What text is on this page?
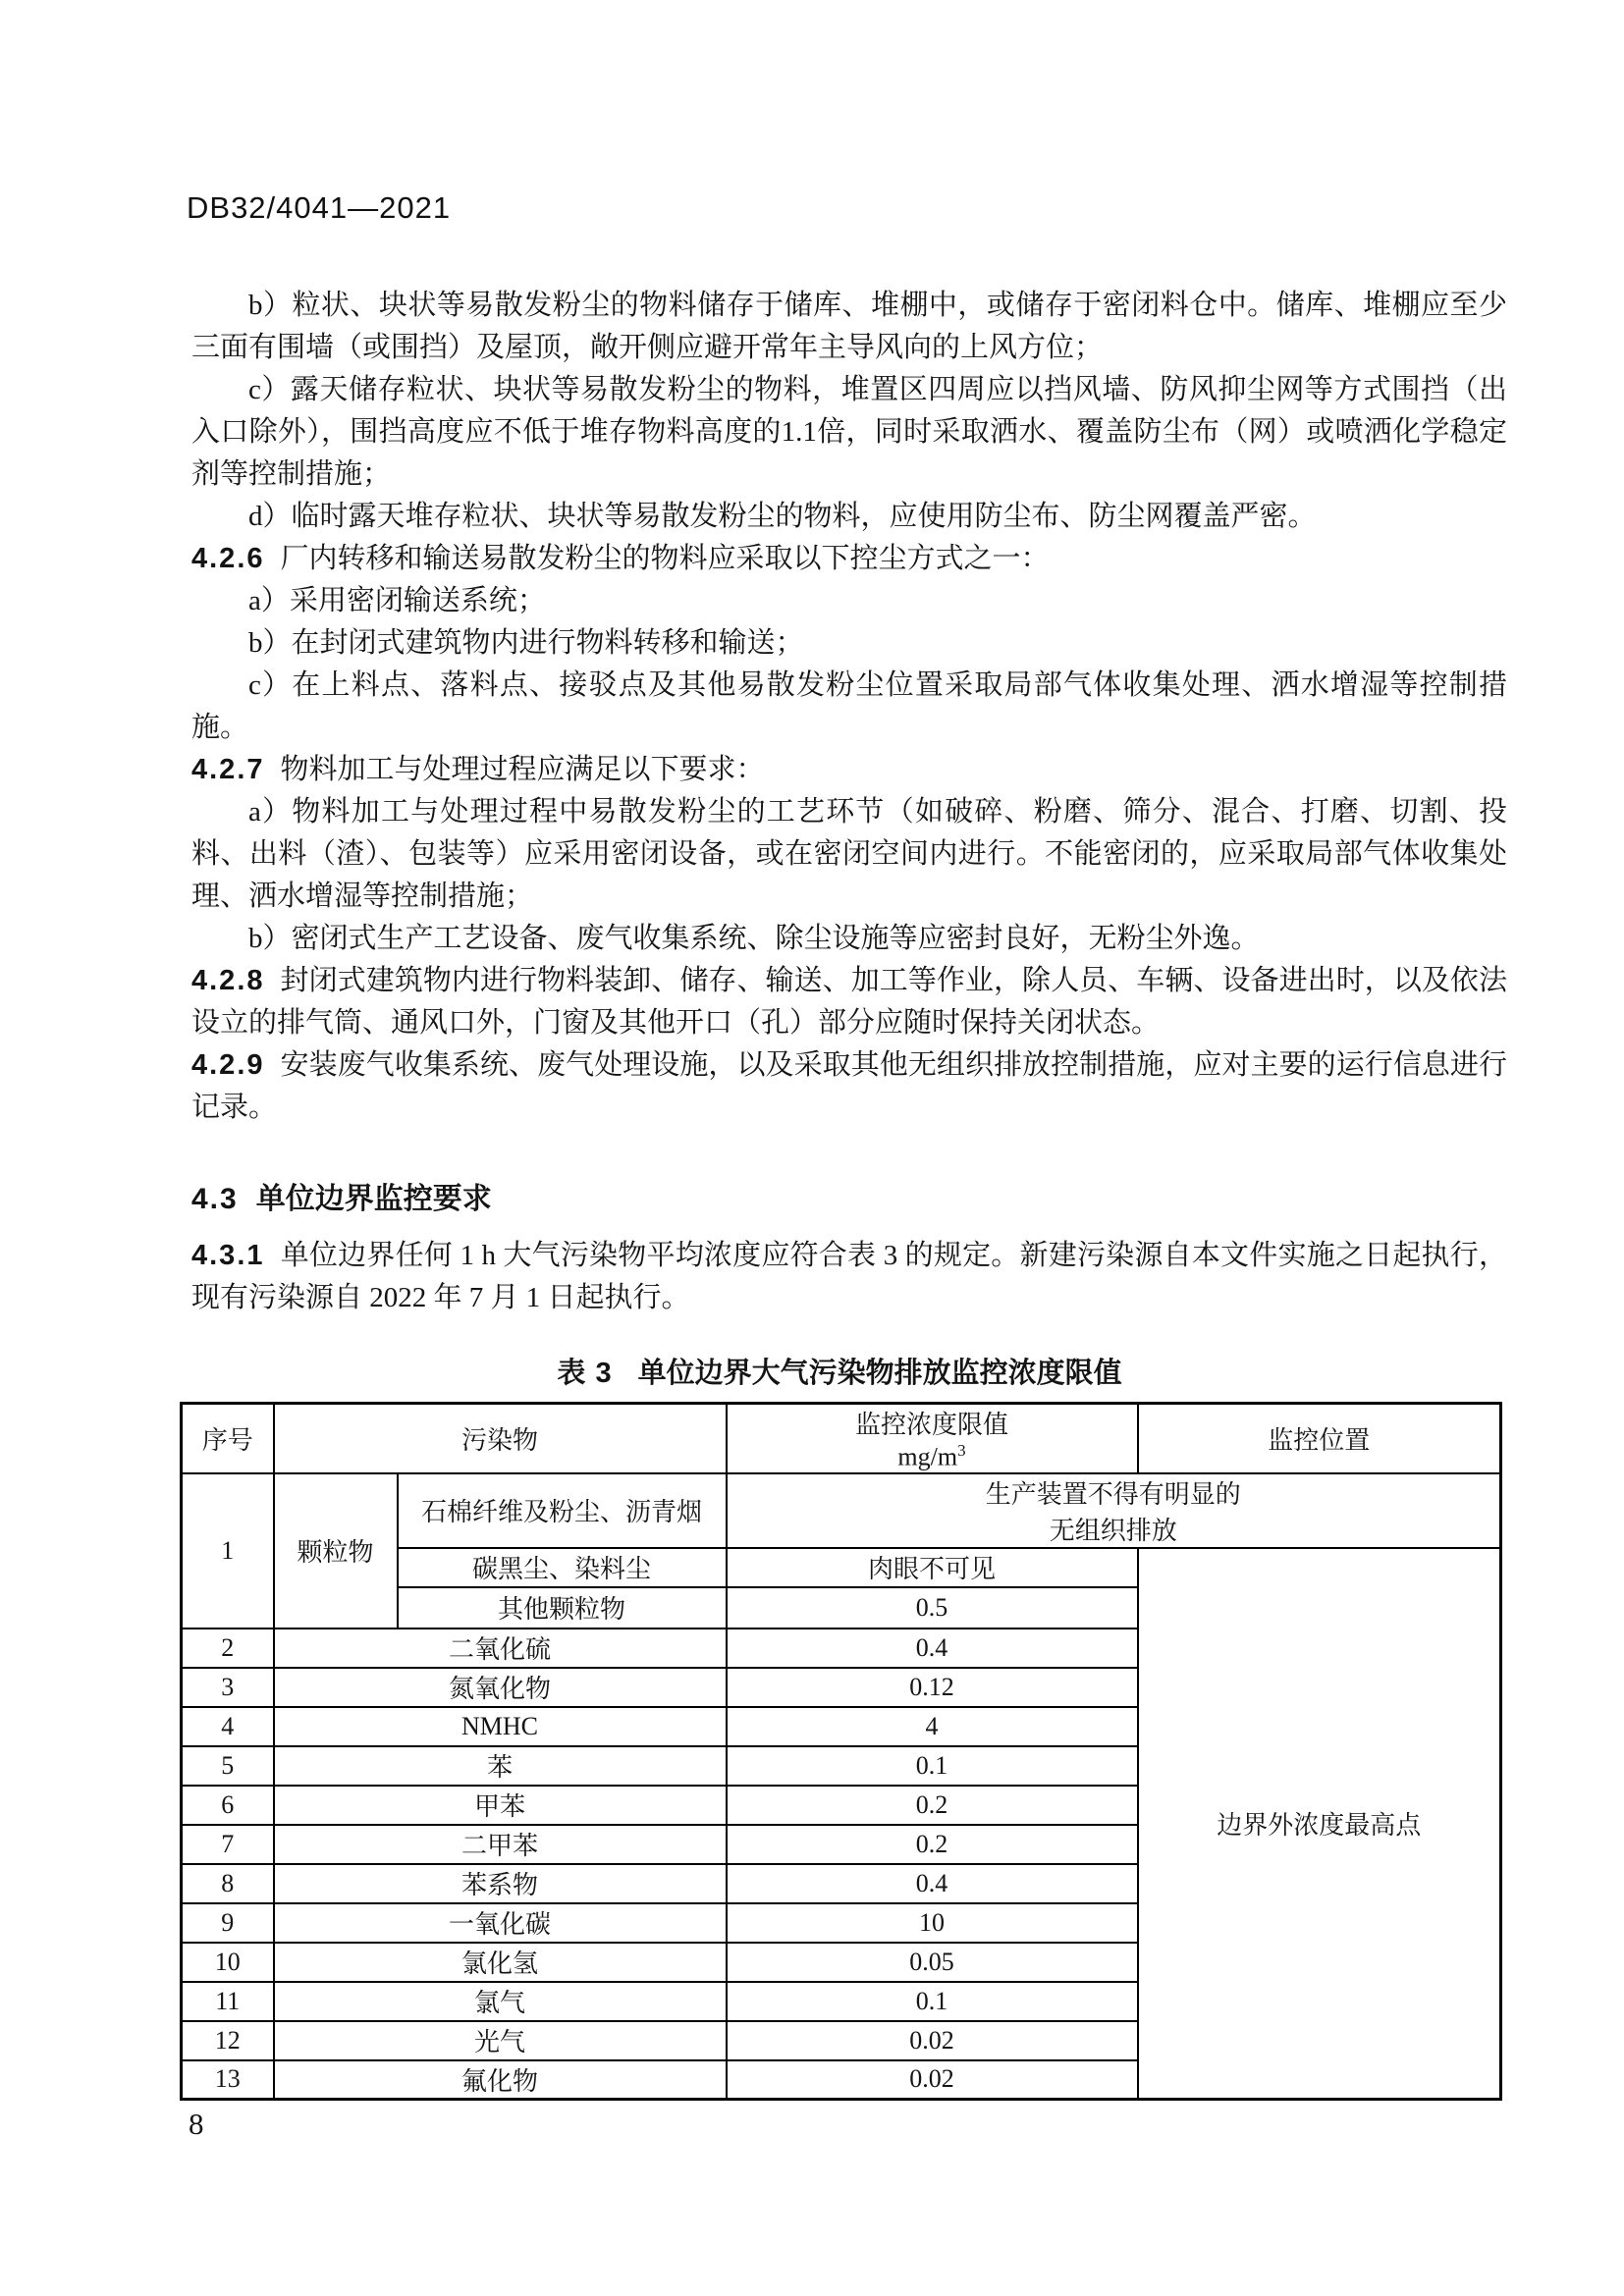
DB32/4041—2021

b）粒状、块状等易散发粉尘的物料储存于储库、堆棚中，或储存于密闭料仓中。储库、堆棚应至少三面有围墙（或围挡）及屋顶，敞开侧应避开常年主导风向的上风方位；

c）露天储存粒状、块状等易散发粉尘的物料，堆置区四周应以挡风墙、防风抑尘网等方式围挡（出入口除外），围挡高度应不低于堆存物料高度的1.1倍，同时采取洒水、覆盖防尘布（网）或喷洒化学稳定剂等控制措施；

d）临时露天堆存粒状、块状等易散发粉尘的物料，应使用防尘布、防尘网覆盖严密。

4.2.6 厂内转移和输送易散发粉尘的物料应采取以下控尘方式之一：

a）采用密闭输送系统；

b）在封闭式建筑物内进行物料转移和输送；

c）在上料点、落料点、接驳点及其他易散发粉尘位置采取局部气体收集处理、洒水增湿等控制措施。

4.2.7 物料加工与处理过程应满足以下要求：

a）物料加工与处理过程中易散发粉尘的工艺环节（如破碎、粉磨、筛分、混合、打磨、切割、投料、出料（渣）、包装等）应采用密闭设备，或在密闭空间内进行。不能密闭的，应采取局部气体收集处理、洒水增湿等控制措施；

b）密闭式生产工艺设备、废气收集系统、除尘设施等应密封良好，无粉尘外逸。

4.2.8 封闭式建筑物内进行物料装卸、储存、输送、加工等作业，除人员、车辆、设备进出时，以及依法设立的排气筒、通风口外，门窗及其他开口（孔）部分应随时保持关闭状态。

4.2.9 安装废气收集系统、废气处理设施，以及采取其他无组织排放控制措施，应对主要的运行信息进行记录。

4.3 单位边界监控要求
4.3.1 单位边界任何 1 h 大气污染物平均浓度应符合表 3 的规定。新建污染源自本文件实施之日起执行，现有污染源自 2022 年 7 月 1 日起执行。
表 3 单位边界大气污染物排放监控浓度限值
序号	污染物		监控浓度限值
$mg/m^3$	监控位置
1	颗粒物	石棉纤维及粉尘、沥青烟	生产装置不得有明显的
无组织排放	

		碳黑尘、染料尘	肉眼不可见	边界外浓度最高点
		其他颗粒物	0.5	
2	二氧化硫		0.4	
3	氮氧化物		0.12	
4	NMHC		4	
5	苯		0.1	
6	甲苯		0.2	
7	二甲苯		0.2	
8	苯系物		0.4	
9	一氧化碳		10	
10	氯化氢		0.05	
11	氯气		0.1	
12	光气		0.02	
13	氟化物		0.02	
8
